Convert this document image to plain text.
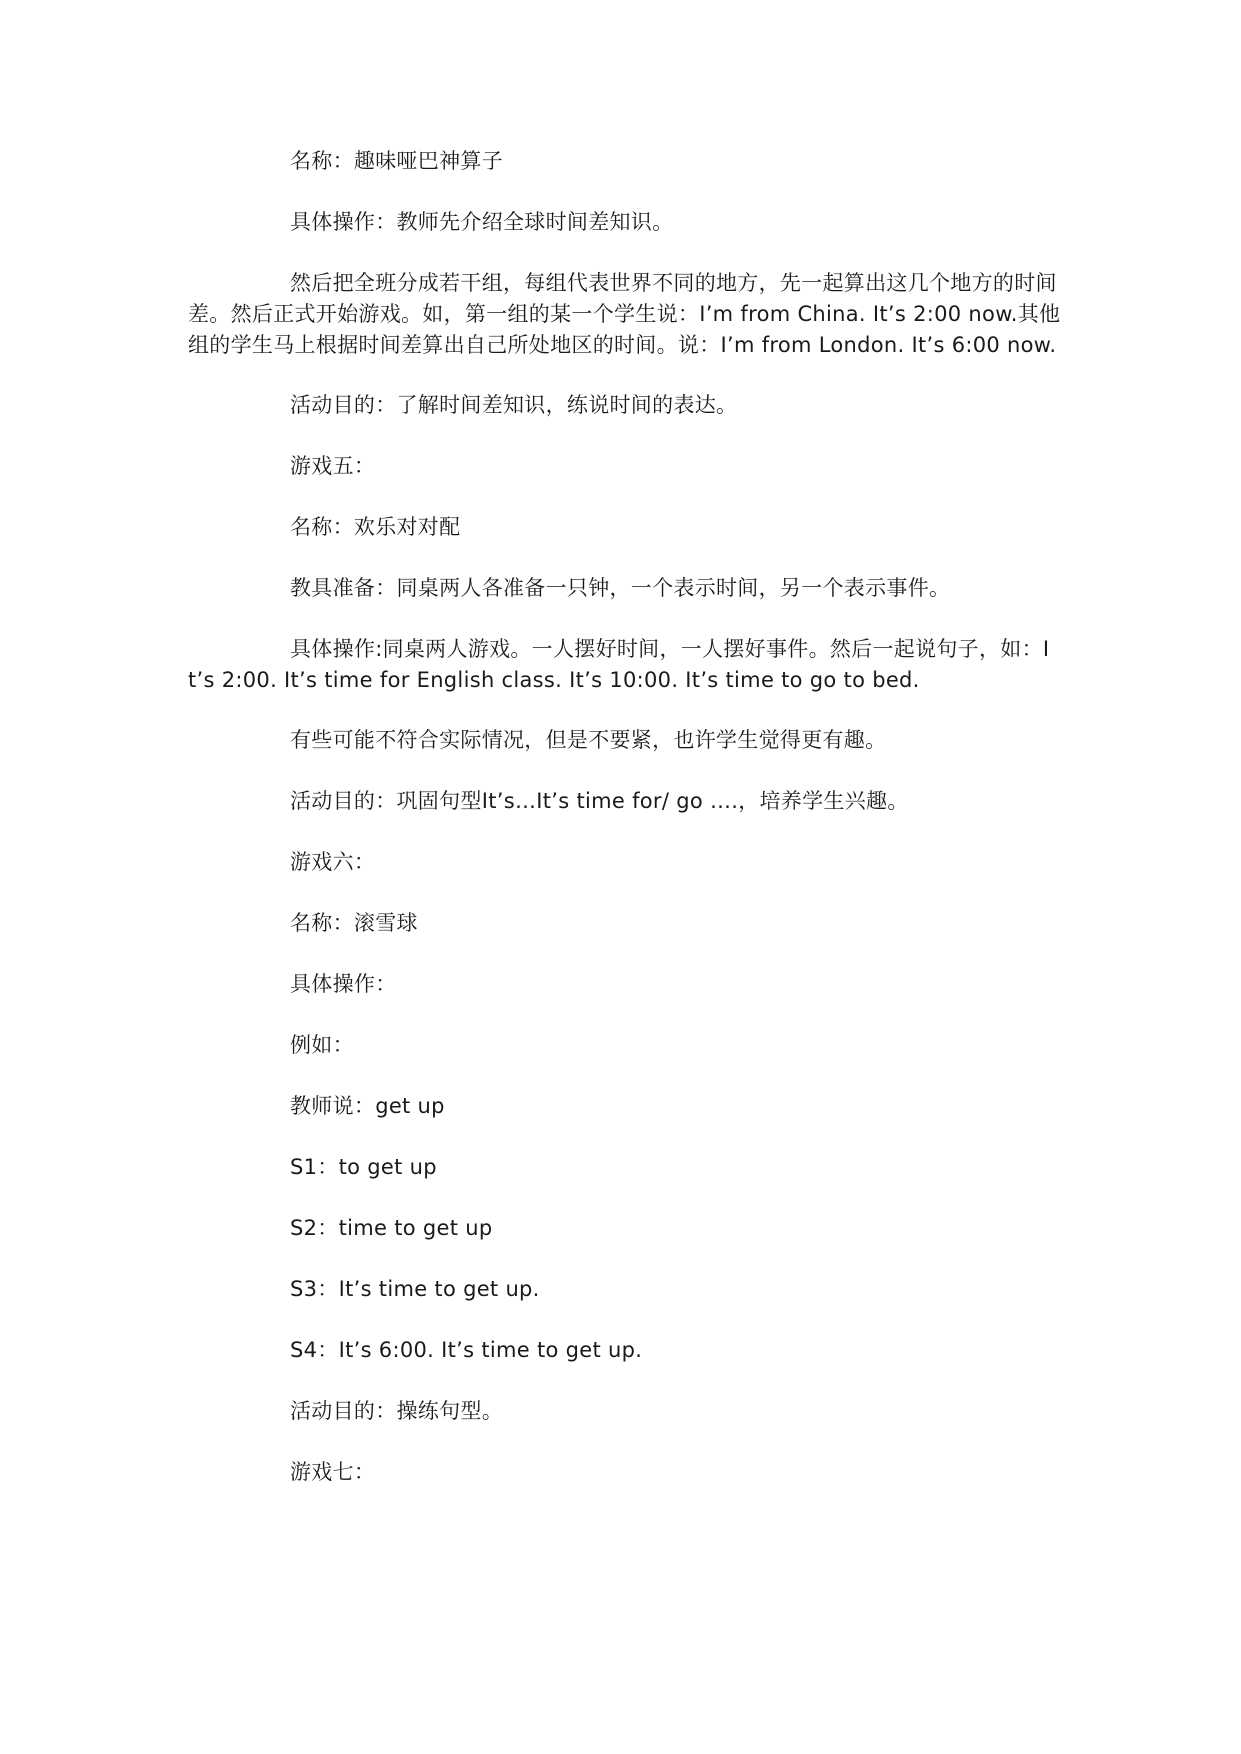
名称：趣味哑巴神算子

具体操作：教师先介绍全球时间差知识。

然后把全班分成若干组，每组代表世界不同的地方，先一起算出这几个地方的时间差。然后正式开始游戏。如，第一组的某一个学生说：I’m from China. It’s 2:00 now.其他组的学生马上根据时间差算出自己所处地区的时间。说：I’m from London. It’s 6:00 now.

活动目的：了解时间差知识，练说时间的表达。

游戏五：

名称：欢乐对对配

教具准备：同桌两人各准备一只钟，一个表示时间，另一个表示事件。

具体操作:同桌两人游戏。一人摆好时间，一人摆好事件。然后一起说句子，如：It’s 2:00. It’s time for English class. It’s 10:00. It’s time to go to bed.

有些可能不符合实际情况，但是不要紧，也许学生觉得更有趣。

活动目的：巩固句型It’s…It’s time for/ go ….，培养学生兴趣。

游戏六：

名称：滚雪球

具体操作：

例如：

教师说：get up

S1：to get up

S2：time to get up

S3：It’s time to get up.

S4：It’s 6:00. It’s time to get up.

活动目的：操练句型。

游戏七：
